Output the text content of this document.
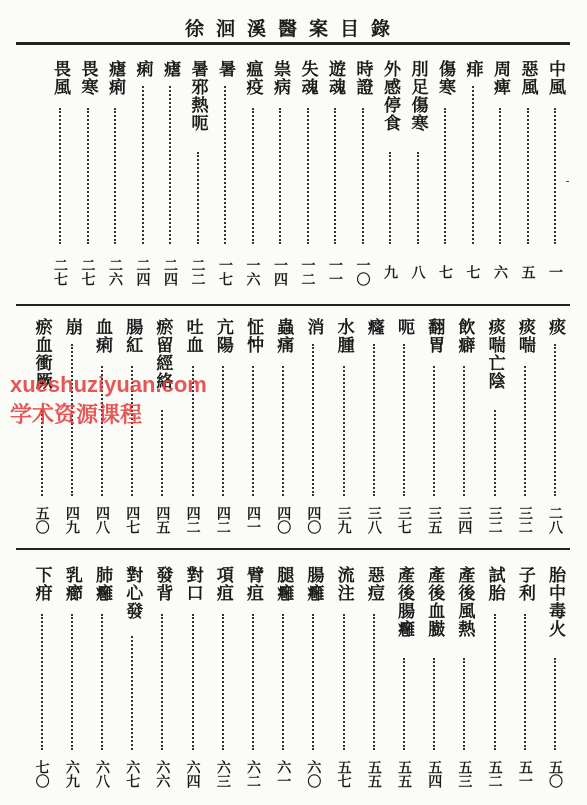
徐洄溪醫案目錄
中風
一
惡風
五
周痺
六
痱
七
傷寒
七
刖足傷寒
八
外感停食
九
時證
一〇
遊魂
一一
失魂
一二
祟病
一四
瘟疫
一六
暑
一七
暑邪熱呃
二二
瘧
二四
痢
二四
瘧痢
二六
畏寒
二七
畏風
二七
痰
二八
痰喘
三二
痰喘亡陰
三二
飲癖
三四
翻胃
三五
呃
三七
癃
三八
水腫
三九
消
四〇
蟲痛
四〇
怔忡
四一
亢陽
四二
吐血
四二
瘀留經絡
四五
腸紅
四七
血痢
四八
崩
四九
瘀血衝厥
五〇
胎中毒火
五〇
子利
五一
試胎
五二
產後風熱
五三
產後血臌
五四
產後腸癰
五五
惡痘
五五
流注
五七
腸癰
六〇
腿癰
六一
臂疽
六二
項疽
六三
對口
六四
發背
六六
對心發
六七
肺癰
六八
乳癤
六九
下疳
七〇
xueshuziyuan.com
学术资源课程
